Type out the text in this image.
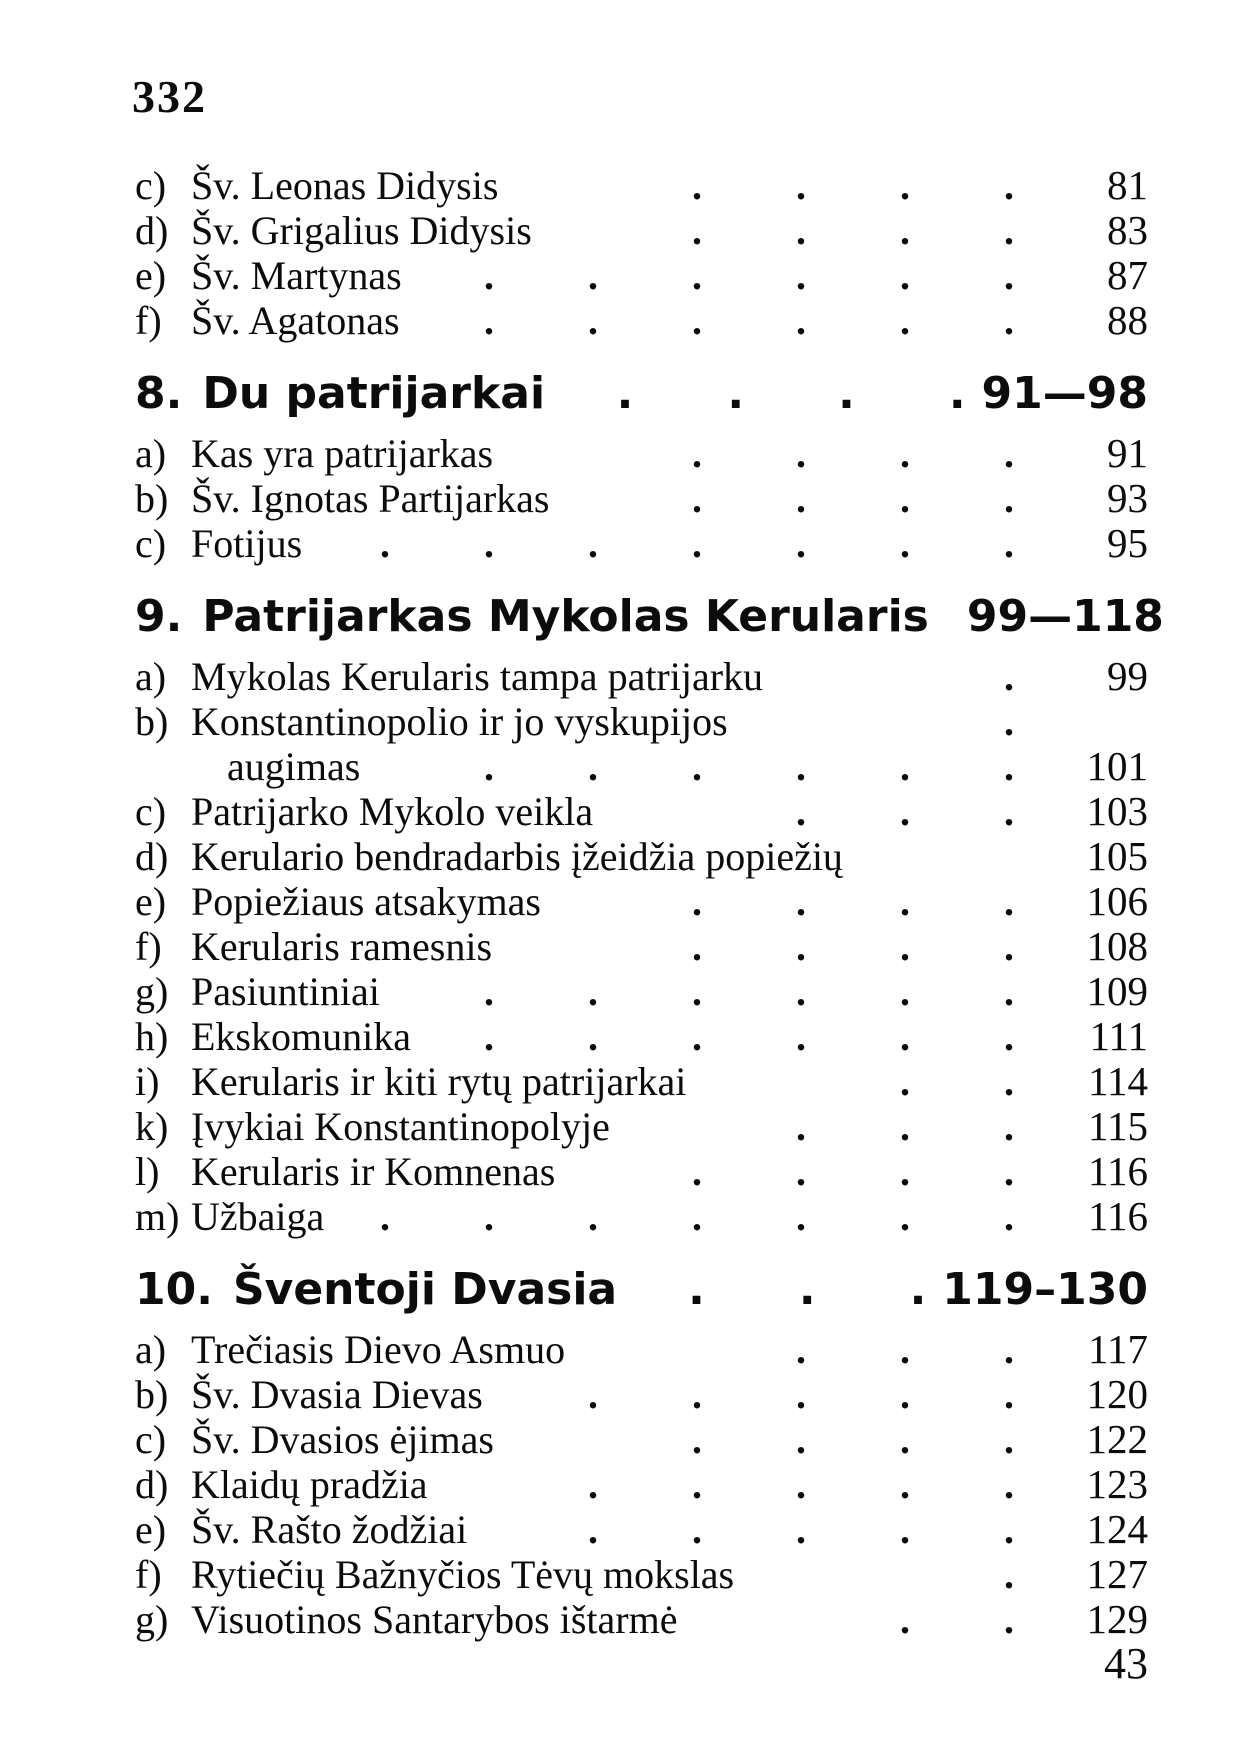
332
c) Šv. Leonas Didysis	. . . .	81
d) Šv. Grigalius Didysis	. . . .	83
e) Šv. Martynas . . . . . .	87
f) Šv. Agatonas . . . . . .	88
8. Du patrijarkai . . . . 91—98
a) Kas yra patrijarkas	. . . .	91
b) Šv. Ignotas Partijarkas	. . . .	93
c) Fotijus . . . . . . .	95
9. Patrijarkas Mykolas Kerularis 99—118
a) Mykolas Kerularis tampa patrijarku	.	99
b) Konstantinopolio ir jo vyskupijos	.
augimas	. . . . . .	101
c) Patrijarko Mykolo veikla	. . .	103
d) Kerulario bendradarbis įžeidžia popiežių	105
e) Popiežiaus atsakymas	. . . .	106
f) Kerularis ramesnis	. . . .	108
g) Pasiuntiniai	. . . . . .	109
h) Ekskomunika . . . . . .	111
i) Kerularis ir kiti rytų patrijarkai	. .	114
k) Įvykiai Konstantinopolyje	. . .	115
l) Kerularis ir Komnenas	. . . .	116
m) Užbaiga . . . . . . .	116
10. Šventoji Dvasia . . . 119–130
a) Trečiasis Dievo Asmuo	. . .	117
b) Šv. Dvasia Dievas	. . . . .	120
c) Šv. Dvasios ėjimas	. . . .	122
d) Klaidų pradžia	. . . . .	123
e) Šv. Rašto žodžiai	. . . . .	124
f) Rytiečių Bažnyčios Tėvų mokslas	.	127
g) Visuotinos Santarybos ištarmė	. .	129
43
